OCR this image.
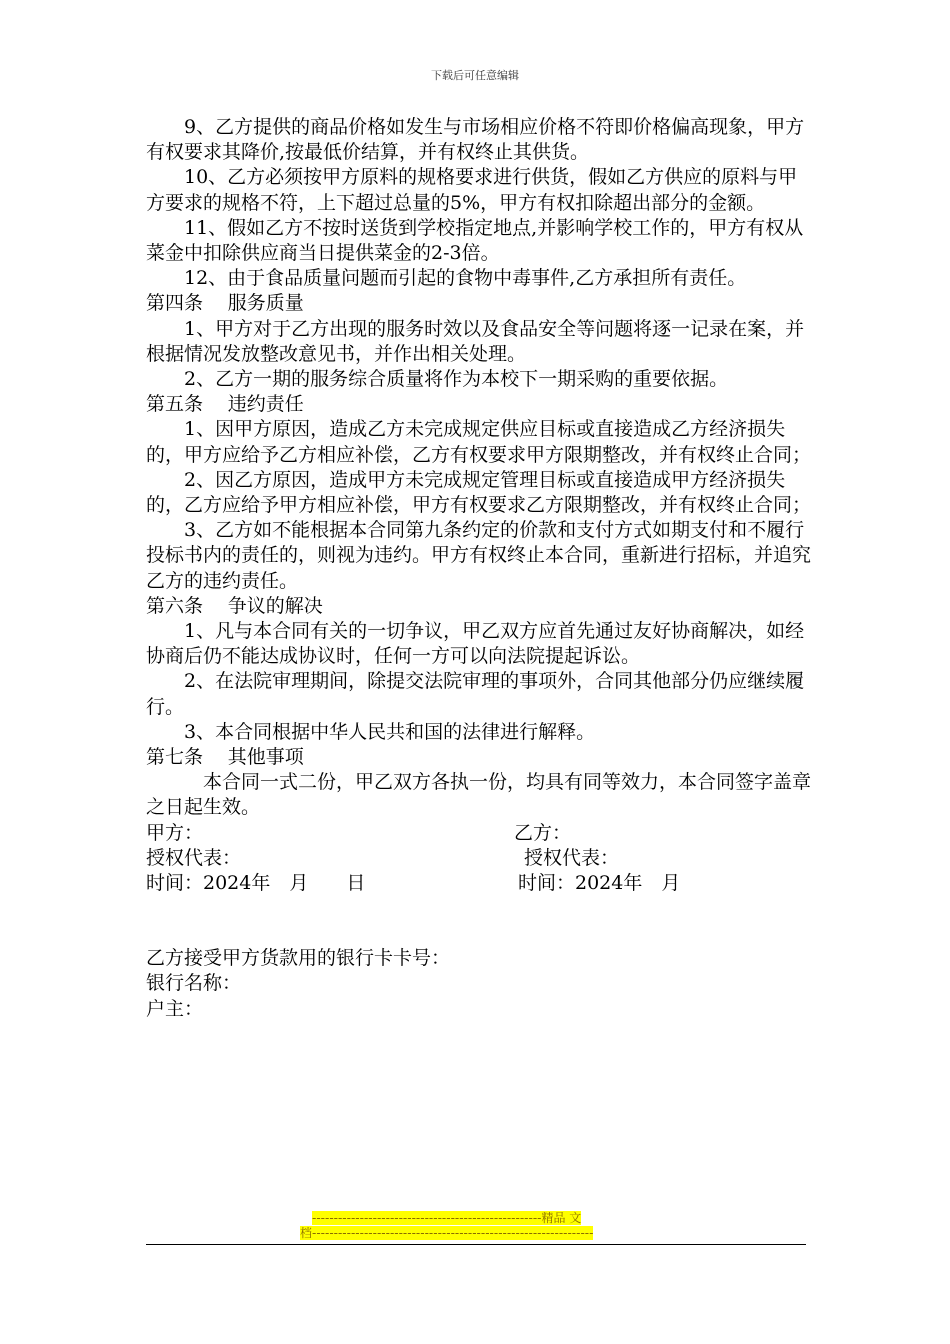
下载后可任意编辑

9、乙方提供的商品价格如发生与市场相应价格不符即价格偏高现象，甲方有权要求其降价,按最低价结算，并有权终止其供货。

10、乙方必须按甲方原料的规格要求进行供货，假如乙方供应的原料与甲方要求的规格不符，上下超过总量的5%，甲方有权扣除超出部分的金额。

11、假如乙方不按时送货到学校指定地点,并影响学校工作的，甲方有权从菜金中扣除供应商当日提供菜金的2-3倍。

12、由于食品质量问题而引起的食物中毒事件,乙方承担所有责任。

第四条 服务质量

1、甲方对于乙方出现的服务时效以及食品安全等问题将逐一记录在案，并根据情况发放整改意见书，并作出相关处理。

2、乙方一期的服务综合质量将作为本校下一期采购的重要依据。

第五条 违约责任

1、因甲方原因，造成乙方未完成规定供应目标或直接造成乙方经济损失的，甲方应给予乙方相应补偿，乙方有权要求甲方限期整改，并有权终止合同；

2、因乙方原因，造成甲方未完成规定管理目标或直接造成甲方经济损失的，乙方应给予甲方相应补偿，甲方有权要求乙方限期整改，并有权终止合同；

3、乙方如不能根据本合同第九条约定的价款和支付方式如期支付和不履行投标书内的责任的，则视为违约。甲方有权终止本合同，重新进行招标，并追究乙方的违约责任。

第六条 争议的解决

1、凡与本合同有关的一切争议，甲乙双方应首先通过友好协商解决，如经协商后仍不能达成协议时，任何一方可以向法院提起诉讼。

2、在法院审理期间，除提交法院审理的事项外，合同其他部分仍应继续履行。

3、本合同根据中华人民共和国的法律进行解释。

第七条 其他事项

本合同一式二份，甲乙双方各执一份，均具有同等效力，本合同签字盖章之日起生效。

甲方：	乙方：
授权代表：	授权代表：
时间：2024年　月　　日	时间：2024年　月

乙方接受甲方货款用的银行卡卡号：

银行名称：

户主：

-----------------------------------------------------精品 文
档-----------------------------------------------------------------
